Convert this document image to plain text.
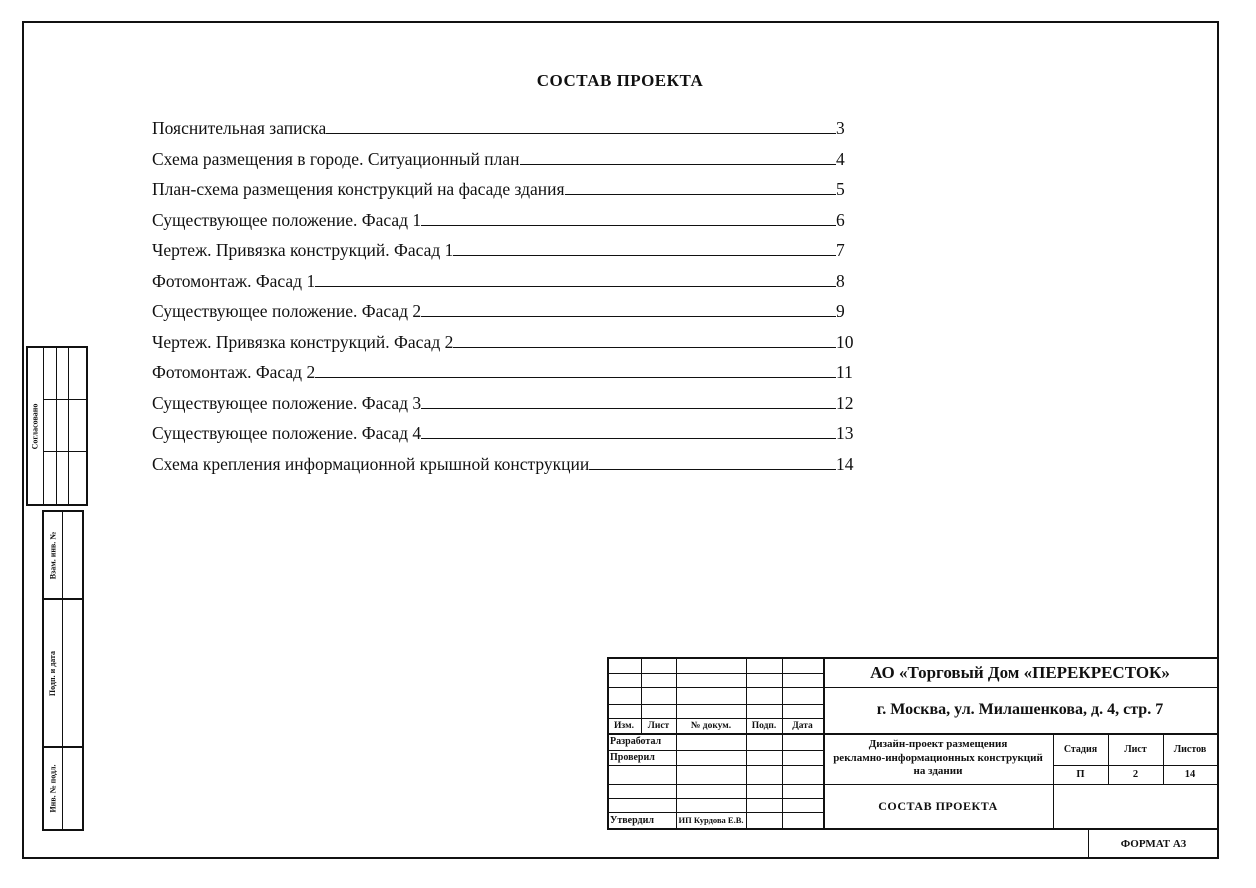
СОСТАВ ПРОЕКТА
Пояснительная записка	3
Схема размещения в городе. Ситуационный план	4
План-схема размещения конструкций на фасаде здания	5
Существующее положение. Фасад 1	6
Чертеж. Привязка конструкций. Фасад 1	7
Фотомонтаж. Фасад 1	8
Существующее положение. Фасад 2	9
Чертеж. Привязка конструкций. Фасад 2	10
Фотомонтаж. Фасад 2	11
Существующее положение. Фасад 3	12
Существующее положение. Фасад 4	13
Схема крепления информационной крышной конструкции	14
Согласовано
Взам. инв. №
Подп. и дата
Инв. № подл.
Изм.	Лист	№ докум.	Подп.	Дата
Разработал
Проверил
Утвердил	ИП Курдова Е.В.
АО «Торговый Дом «ПЕРЕКРЕСТОК»
г. Москва, ул. Милашенкова, д. 4, стр. 7
Дизайн-проект размещения
рекламно-информационных конструкций
на здании
Стадия	Лист	Листов
П	2	14
СОСТАВ ПРОЕКТА
ФОРМАТ А3
